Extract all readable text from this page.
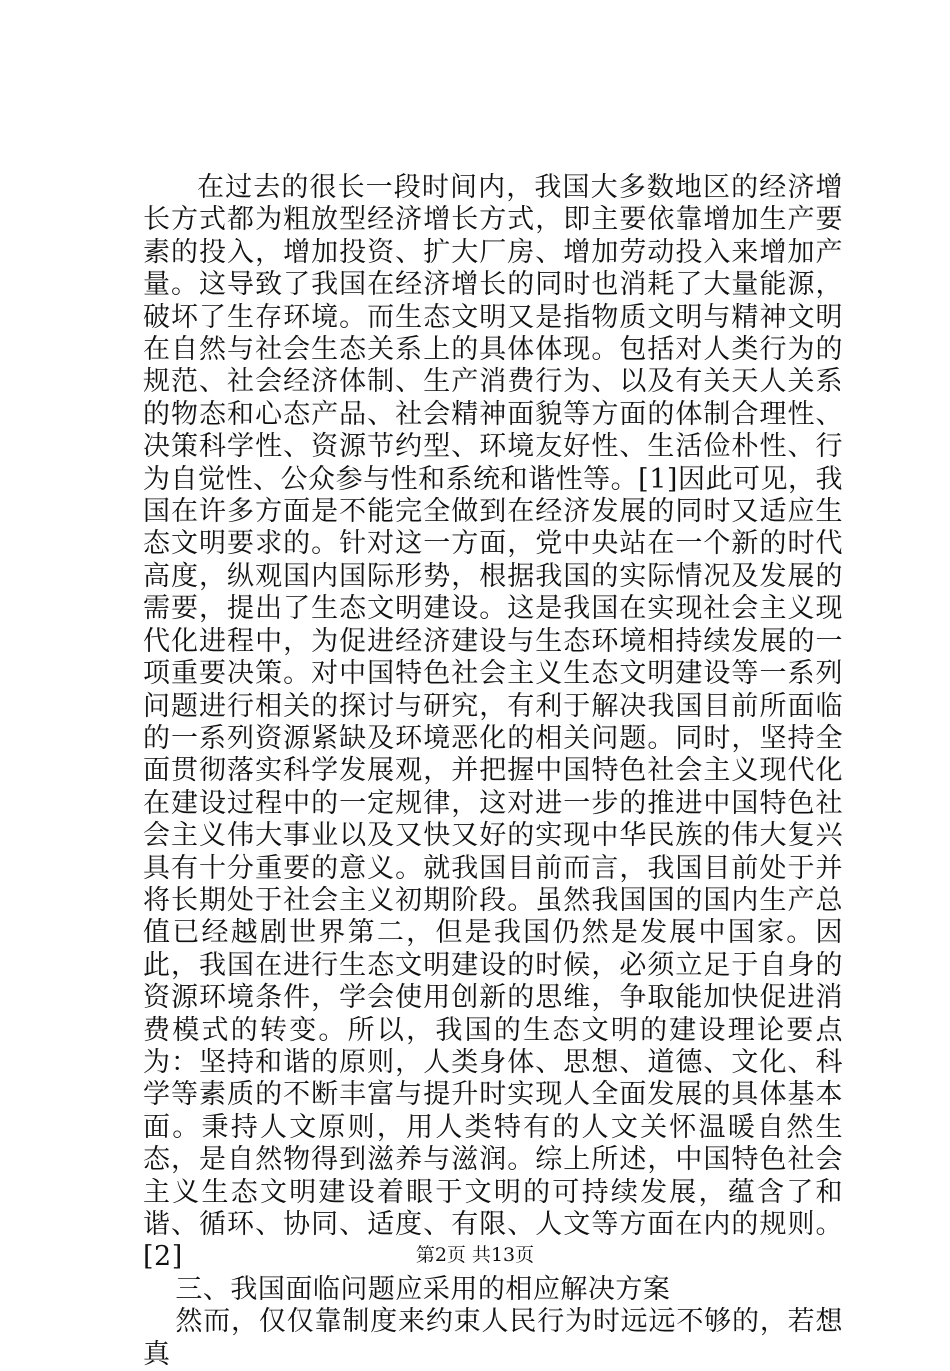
在过去的很长一段时间内，我国大多数地区的经济增长方式都为粗放型经济增长方式，即主要依靠增加生产要素的投入，增加投资、扩大厂房、增加劳动投入来增加产量。这导致了我国在经济增长的同时也消耗了大量能源，破坏了生存环境。而生态文明又是指物质文明与精神文明在自然与社会生态关系上的具体体现。包括对人类行为的规范、社会经济体制、生产消费行为、以及有关天人关系的物态和心态产品、社会精神面貌等方面的体制合理性、决策科学性、资源节约型、环境友好性、生活俭朴性、行为自觉性、公众参与性和系统和谐性等。[1]因此可见，我国在许多方面是不能完全做到在经济发展的同时又适应生态文明要求的。针对这一方面，党中央站在一个新的时代高度，纵观国内国际形势，根据我国的实际情况及发展的需要，提出了生态文明建设。这是我国在实现社会主义现代化进程中，为促进经济建设与生态环境相持续发展的一项重要决策。对中国特色社会主义生态文明建设等一系列问题进行相关的探讨与研究，有利于解决我国目前所面临的一系列资源紧缺及环境恶化的相关问题。同时，坚持全面贯彻落实科学发展观，并把握中国特色社会主义现代化在建设过程中的一定规律，这对进一步的推进中国特色社会主义伟大事业以及又快又好的实现中华民族的伟大复兴具有十分重要的意义。就我国目前而言，我国目前处于并将长期处于社会主义初期阶段。虽然我国国的国内生产总值已经越剧世界第二，但是我国仍然是发展中国家。因此，我国在进行生态文明建设的时候，必须立足于自身的资源环境条件，学会使用创新的思维，争取能加快促进消费模式的转变。所以，我国的生态文明的建设理论要点为：坚持和谐的原则，人类身体、思想、道德、文化、科学等素质的不断丰富与提升时实现人全面发展的具体基本面。秉持人文原则，用人类特有的人文关怀温暖自然生态，是自然物得到滋养与滋润。综上所述，中国特色社会主义生态文明建设着眼于文明的可持续发展，蕴含了和谐、循环、协同、适度、有限、人文等方面在内的规则。[2]

三、我国面临问题应采用的相应解决方案

然而，仅仅靠制度来约束人民行为时远远不够的，若想真

第2页 共13页
